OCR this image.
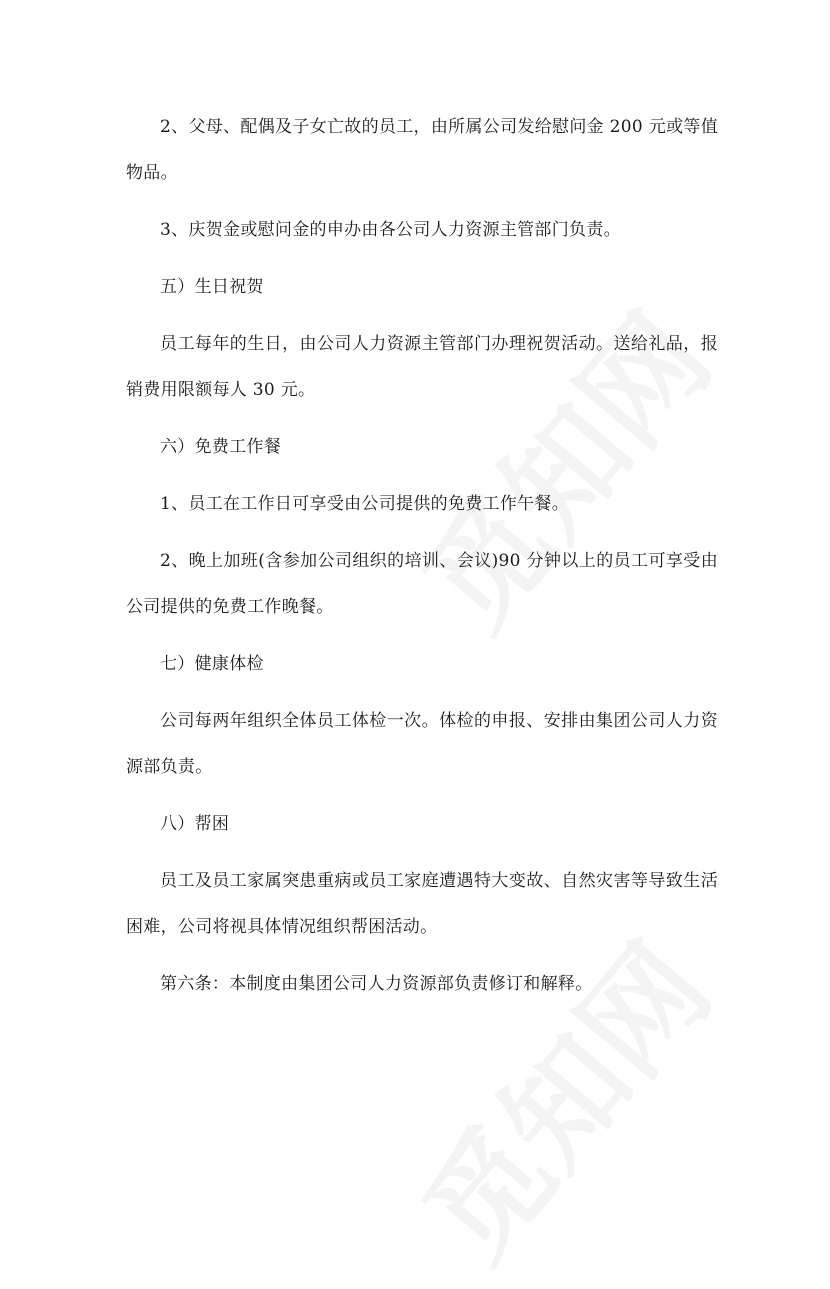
2、父母、配偶及子女亡故的员工，由所属公司发给慰问金 200 元或等值物品。

3、庆贺金或慰问金的申办由各公司人力资源主管部门负责。

五）生日祝贺

员工每年的生日，由公司人力资源主管部门办理祝贺活动。送给礼品，报销费用限额每人 30 元。

六）免费工作餐

1、员工在工作日可享受由公司提供的免费工作午餐。

2、晚上加班(含参加公司组织的培训、会议)90 分钟以上的员工可享受由公司提供的免费工作晚餐。

七）健康体检

公司每两年组织全体员工体检一次。体检的申报、安排由集团公司人力资源部负责。

八）帮困

员工及员工家属突患重病或员工家庭遭遇特大变故、自然灾害等导致生活困难，公司将视具体情况组织帮困活动。

第六条：本制度由集团公司人力资源部负责修订和解释。
